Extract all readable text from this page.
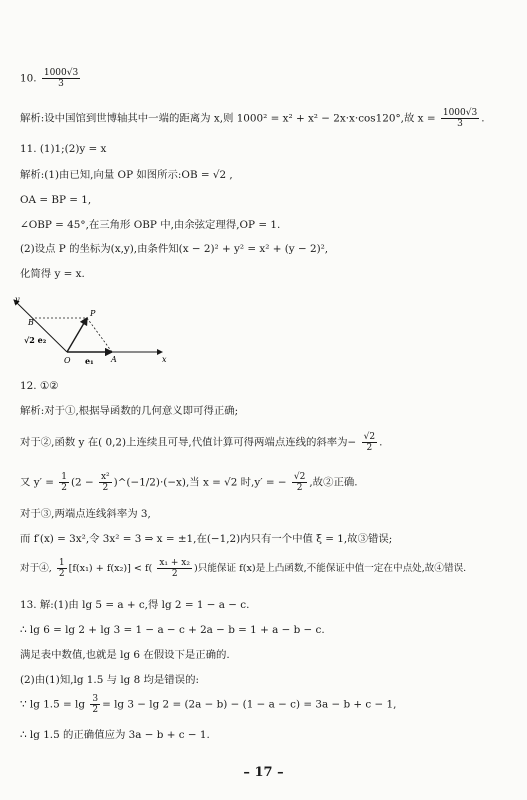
10. $\frac{1000√3}{3}$
解析:设中国馆到世博轴其中一端的距离为 x,则 1000² = x² + x² − 2x·x·cos120°,故 $x = \frac{1000√3}{3}$ .
11. (1)1;(2)y = x
解析:(1)由已知,向量 OP 如图所示:OB = √2 ,
OA = BP = 1,
∠OBP = 45°,在三角形 OBP 中,由余弦定理得,OP = 1.
(2)设点 P 的坐标为(x,y),由条件知(x − 2)² + y² = x² + (y − 2)²,
化简得 y = x.
y
B
P
√2 e₂
O e₁ A	x
12. ①②
解析:对于①,根据导函数的几何意义即可得正确;
对于②,函数 y 在( 0,2)上连续且可导,代值计算可得两端点连线的斜率为− $\frac{√2}{2}$ .
又 $y' = \frac{1}{2} (2 - \frac{\text{x²}}{2}$ )^(−1/2)·(−x),当 x = √2 时,y′ = − $\frac{√2}{2}$ ,故②正确.
对于③,两端点连线斜率为 3,
而 f′(x) = 3x²,令 3x² = 3 ⇒ x = ±1,在(−1,2)内只有一个中值 ξ = 1,故③错误;
对于④, $\frac{1}{2} [f(x_1) + f(x_2)] < f( \frac{\text{x₁ + x₂}}{2}$ )只能保证 f(x)是上凸函数,不能保证中值一定在中点处,故④错误.
13. 解:(1)由 lg 5 = a + c,得 lg 2 = 1 − a − c.
∴ lg 6 = lg 2 + lg 3 = 1 − a − c + 2a − b = 1 + a − b − c.
满足表中数值,也就是 lg 6 在假设下是正确的.
(2)由(1)知,lg 1.5 与 lg 8 均是错误的:
∵ $\lg 1.5 = \lg \frac{3}{2} = \lg 3 - \lg 2 = (2a - b) - (1 - a - c) = 3a - b + c - 1$,
∴ lg 1.5 的正确值应为 3a − b + c − 1.
– 17 –
